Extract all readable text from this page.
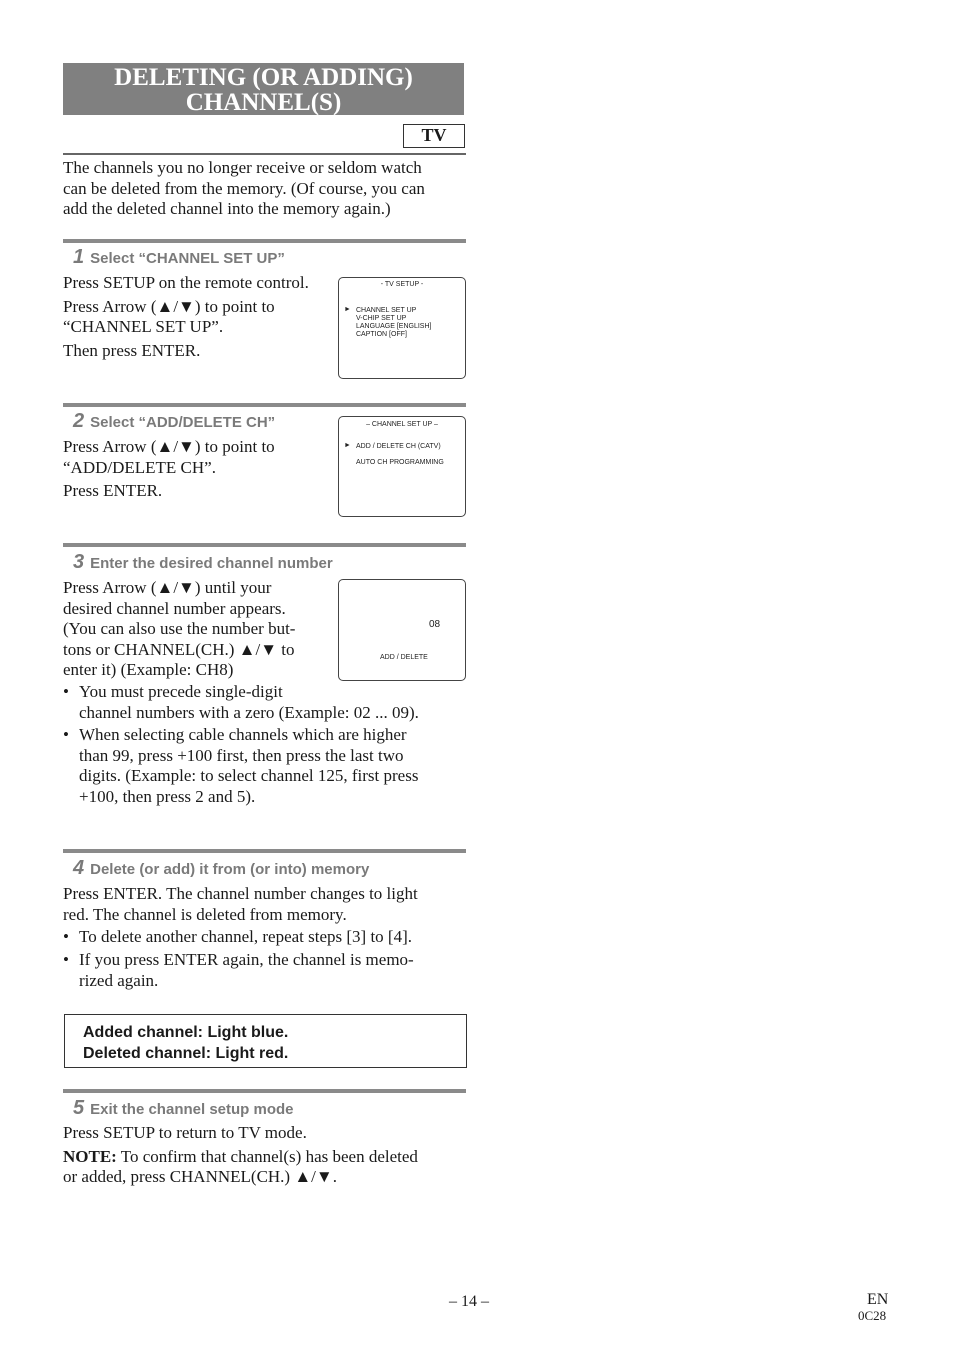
DELETING (OR ADDING)
CHANNEL(S)
TV
The channels you no longer receive or seldom watch
can be deleted from the memory. (Of course, you can
add the deleted channel into the memory again.)
1 Select “CHANNEL SET UP”

Press SETUP on the remote control.

Press Arrow (▲/▼) to point to

“CHANNEL SET UP”.

Then press ENTER.

- TV SETUP -
► CHANNEL SET UP
V-CHIP SET UP
LANGUAGE [ENGLISH]
CAPTION [OFF]
2 Select “ADD/DELETE CH”

Press Arrow (▲/▼) to point to

“ADD/DELETE CH”.

Press ENTER.

– CHANNEL SET UP –
► ADD / DELETE CH (CATV)
AUTO CH PROGRAMMING
3 Enter the desired channel number

Press Arrow (▲/▼) until your

desired channel number appears.

(You can also use the number but-

tons or CHANNEL(CH.) ▲/▼ to

enter it) (Example: CH8)

08
ADD / DELETE
• You must precede single-digit
channel numbers with a zero (Example: 02 ... 09).
• When selecting cable channels which are higher
than 99, press +100 first, then press the last two
digits. (Example: to select channel 125, first press
+100, then press 2 and 5).
4 Delete (or add) it from (or into) memory

Press ENTER. The channel number changes to light

red. The channel is deleted from memory.

• To delete another channel, repeat steps [3] to [4].
• If you press ENTER again, the channel is memo-
rized again.
Added channel: Light blue.
Deleted channel: Light red.
5 Exit the channel setup mode

Press SETUP to return to TV mode.

NOTE: To confirm that channel(s) has been deleted

or added, press CHANNEL(CH.) ▲/▼.

– 14 –	EN
0C28
